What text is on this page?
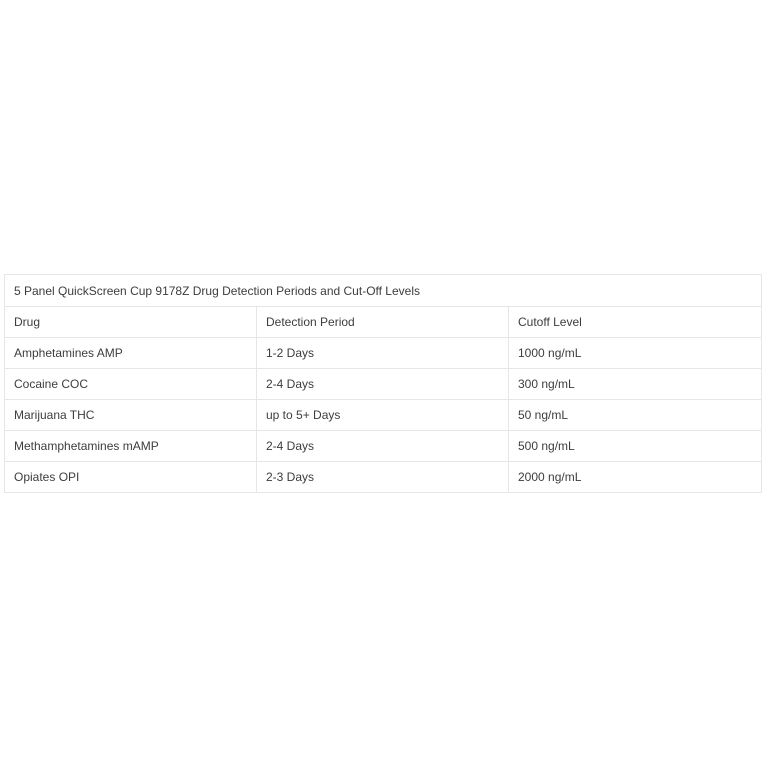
5 Panel QuickScreen Cup 9178Z Drug Detection Periods and Cut-Off Levels		
Drug	Detection Period	Cutoff Level
Amphetamines AMP	1-2 Days	1000 ng/mL
Cocaine COC	2-4 Days	300 ng/mL
Marijuana THC	up to 5+ Days	50 ng/mL
Methamphetamines mAMP	2-4 Days	500 ng/mL
Opiates OPI	2-3 Days	2000 ng/mL
